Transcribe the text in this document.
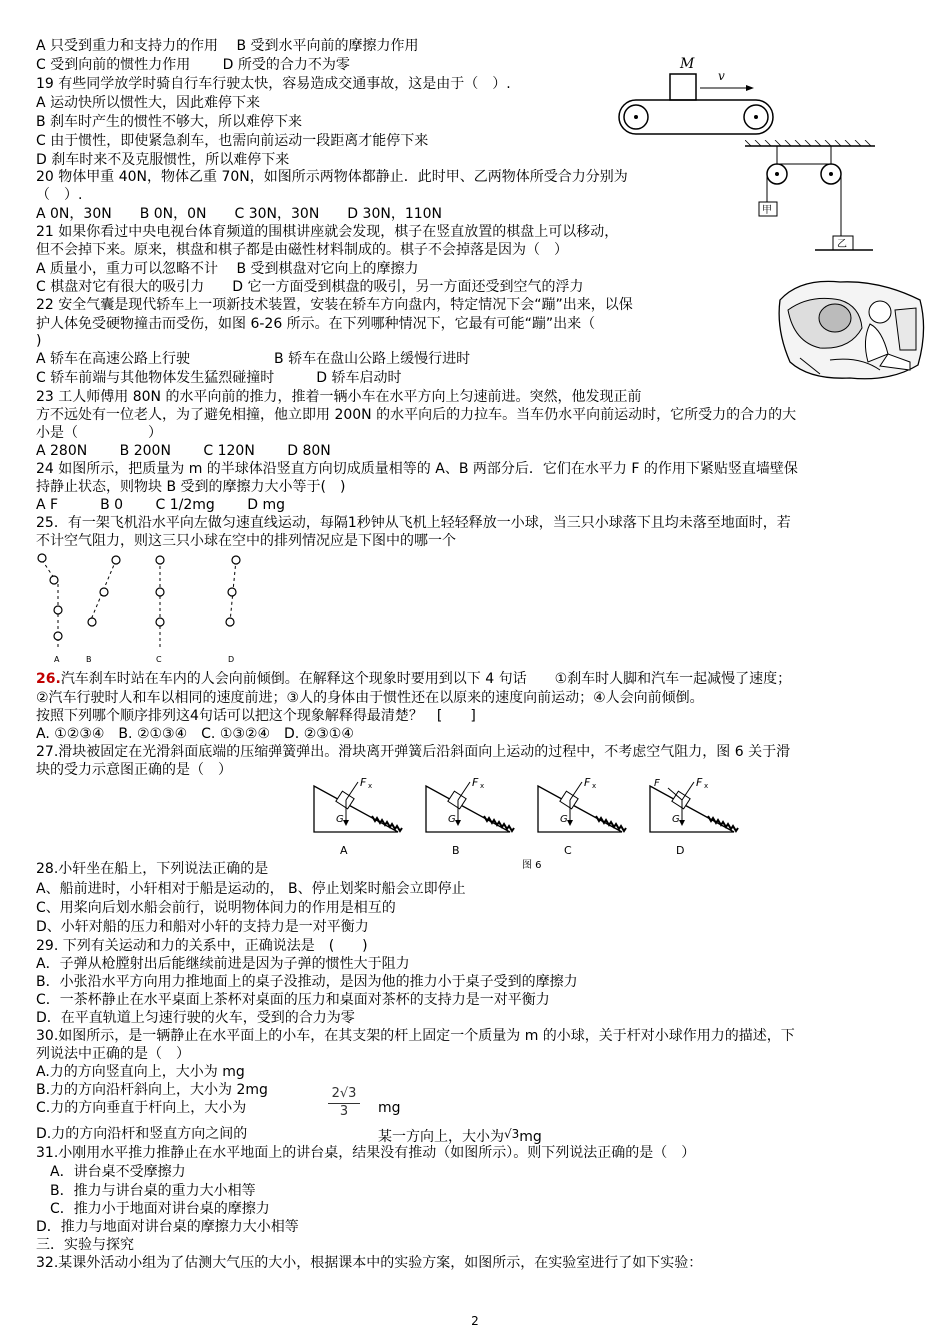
A 只受到重力和支持力的作用　 B 受到水平向前的摩擦力作用
C 受到向前的惯性力作用　　 D 所受的合力不为零
19 有些同学放学时骑自行车行驶太快，容易造成交通事故，这是由于（　）.
A 运动快所以惯性大，因此难停下来
B 刹车时产生的惯性不够大，所以难停下来
C 由于惯性，即使紧急刹车，也需向前运动一段距离才能停下来
D 刹车时来不及克服惯性，所以难停下来
20 物体甲重 40N，物体乙重 70N，如图所示两物体都静止．此时甲、乙两物体所受合力分别为
（　）.
A 0N，30N　　B 0N，0N　　C 30N，30N　　D 30N，110N
21 如果你看过中央电视台体育频道的围棋讲座就会发现，棋子在竖直放置的棋盘上可以移动，
但不会掉下来。原来，棋盘和棋子都是由磁性材料制成的。棋子不会掉落是因为（　）
A 质量小，重力可以忽略不计　 B 受到棋盘对它向上的摩擦力
C 棋盘对它有很大的吸引力　　D 它一方面受到棋盘的吸引，另一方面还受到空气的浮力
22 安全气囊是现代轿车上一项新技术装置，安装在轿车方向盘内，特定情况下会“蹦”出来，以保
护人体免受硬物撞击而受伤，如图 6-26 所示。在下列哪种情况下，它最有可能“蹦”出来（
)
A 轿车在高速公路上行驶　　　　　　B 轿车在盘山公路上缓慢行进时
C 轿车前端与其他物体发生猛烈碰撞时　　　D 轿车启动时
23 工人师傅用 80N 的水平向前的推力，推着一辆小车在水平方向上匀速前进。突然，他发现正前
方不远处有一位老人，为了避免相撞，他立即用 200N 的水平向后的力拉车。当车仍水平向前运动时，它所受力的合力的大
小是（　　　　　）
A 280N　　 B 200N　　 C 120N　　 D 80N
24 如图所示，把质量为 m 的半球体沿竖直方向切成质量相等的 A、B 两部分后．它们在水平力 F 的作用下紧贴竖直墙壁保
持静止状态，则物块 B 受到的摩擦力大小等于(　)
A F　　　B 0　　 C 1/2mg　　 D mg
25．有一架飞机沿水平向左做匀速直线运动，每隔1秒钟从飞机上轻轻释放一小球，当三只小球落下且均未落至地面时，若
不计空气阻力，则这三只小球在空中的排列情况应是下图中的哪一个
②汽车行驶时人和车以相同的速度前进；③人的身体由于惯性还在以原来的速度向前运动；④人会向前倾倒。
按照下列哪个顺序排列这4句话可以把这个现象解释得最清楚？　[　　]
A. ①②③④　B. ②①③④　C. ①③②④　D. ②③①④
27.滑块被固定在光滑斜面底端的压缩弹簧弹出。滑块离开弹簧后沿斜面向上运动的过程中，不考虑空气阻力，图 6 关于滑
块的受力示意图正确的是（　）
28.小轩坐在船上，下列说法正确的是
A、船前进时，小轩相对于船是运动的， B、停止划桨时船会立即停止
C、用桨向后划水船会前行，说明物体间力的作用是相互的
D、小轩对船的压力和船对小轩的支持力是一对平衡力
29. 下列有关运动和力的关系中，正确说法是　(　　)
A．子弹从枪膛射出后能继续前进是因为子弹的惯性大于阻力
B．小张沿水平方向用力推地面上的桌子没推动，是因为他的推力小于桌子受到的摩擦力
C．一茶杯静止在水平桌面上茶杯对桌面的压力和桌面对茶杯的支持力是一对平衡力
D．在平直轨道上匀速行驶的火车，受到的合力为零
30.如图所示，是一辆静止在水平面上的小车，在其支架的杆上固定一个质量为 m 的小球，关于杆对小球作用力的描述，下
列说法中正确的是（　）
A.力的方向竖直向上，大小为 mg
B.力的方向沿杆斜向上，大小为 2mg
31.小刚用水平推力推静止在水平地面上的讲台桌，结果没有推动（如图所示）。则下列说法正确的是（　）
　A．讲台桌不受摩擦力
　B．推力与讲台桌的重力大小相等
　C．推力小于地面对讲台桌的摩擦力
D．推力与地面对讲台桌的摩擦力大小相等
三．实验与探究
32.某课外活动小组为了估测大气压的大小，根据课本中的实验方案，如图所示，在实验室进行了如下实验：
26.汽车刹车时站在车内的人会向前倾倒。在解释这个现象时要用到以下 4 句话　　①刹车时人脚和汽车一起减慢了速度；
C.力的方向垂直于杆向上，大小为
2√3
3	mg
D.力的方向沿杆和竖直方向之间的	某一方向上，大小为√3mg
M
v
甲
乙
A	B	C	D
G
F x
A
G
F x
B
G
F x
C
G
F x
F
D
图 6
2
